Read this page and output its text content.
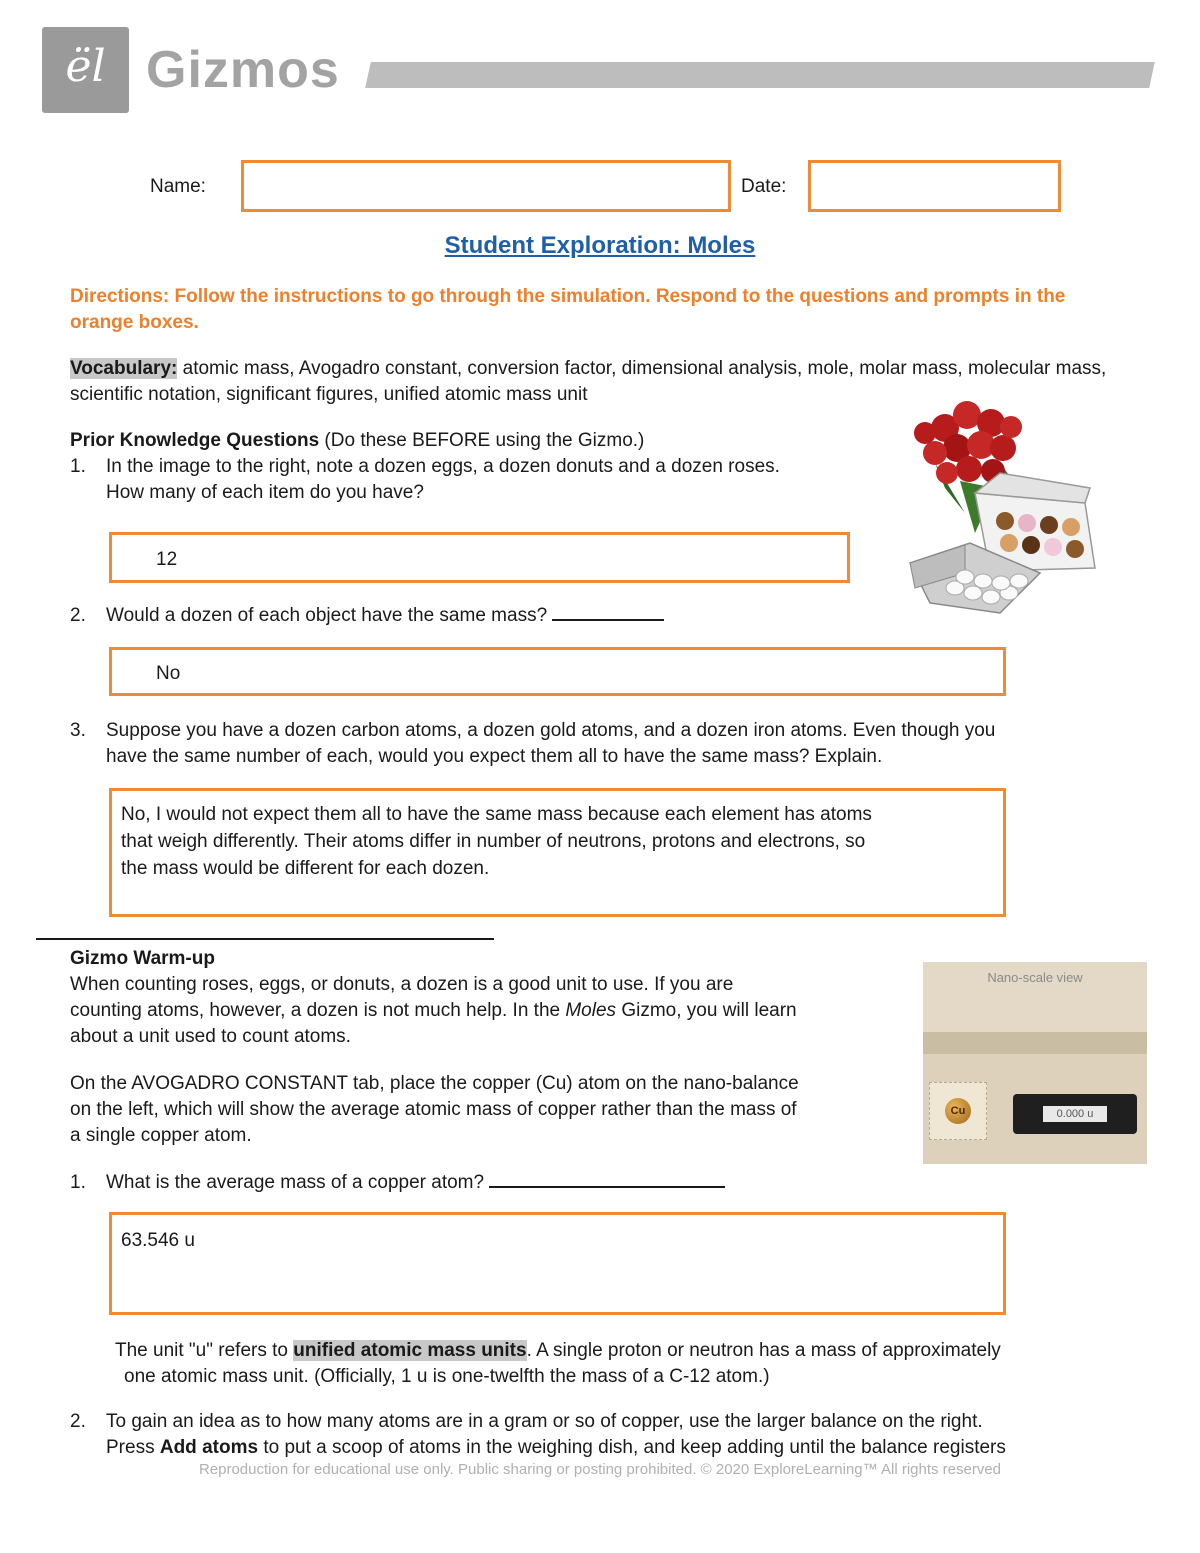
ël Gizmos
Name:	Date:
Student Exploration: Moles
Directions: Follow the instructions to go through the simulation. Respond to the questions and prompts in the orange boxes.
Vocabulary: atomic mass, Avogadro constant, conversion factor, dimensional analysis, mole, molar mass, molecular mass, scientific notation, significant figures, unified atomic mass unit
Prior Knowledge Questions (Do these BEFORE using the Gizmo.)
1. In the image to the right, note a dozen eggs, a dozen donuts and a dozen roses.
How many of each item do you have?
12
2. Would a dozen of each object have the same mass?
No
3. Suppose you have a dozen carbon atoms, a dozen gold atoms, and a dozen iron atoms. Even though you
have the same number of each, would you expect them all to have the same mass? Explain.
No, I would not expect them all to have the same mass because each element has atoms
that weigh differently. Their atoms differ in number of neutrons, protons and electrons, so
the mass would be different for each dozen.
Gizmo Warm-up
When counting roses, eggs, or donuts, a dozen is a good unit to use. If you are
counting atoms, however, a dozen is not much help. In the Moles Gizmo, you will learn
about a unit used to count atoms.
On the AVOGADRO CONSTANT tab, place the copper (Cu) atom on the nano-balance
on the left, which will show the average atomic mass of copper rather than the mass of
a single copper atom.
Nano-scale view
Cu	0.000 u
1. What is the average mass of a copper atom?
63.546 u
The unit "u" refers to unified atomic mass units. A single proton or neutron has a mass of approximately
one atomic mass unit. (Officially, 1 u is one-twelfth the mass of a C-12 atom.)
2. To gain an idea as to how many atoms are in a gram or so of copper, use the larger balance on the right.
Press Add atoms to put a scoop of atoms in the weighing dish, and keep adding until the balance registers
Reproduction for educational use only. Public sharing or posting prohibited. © 2020 ExploreLearning™ All rights reserved
